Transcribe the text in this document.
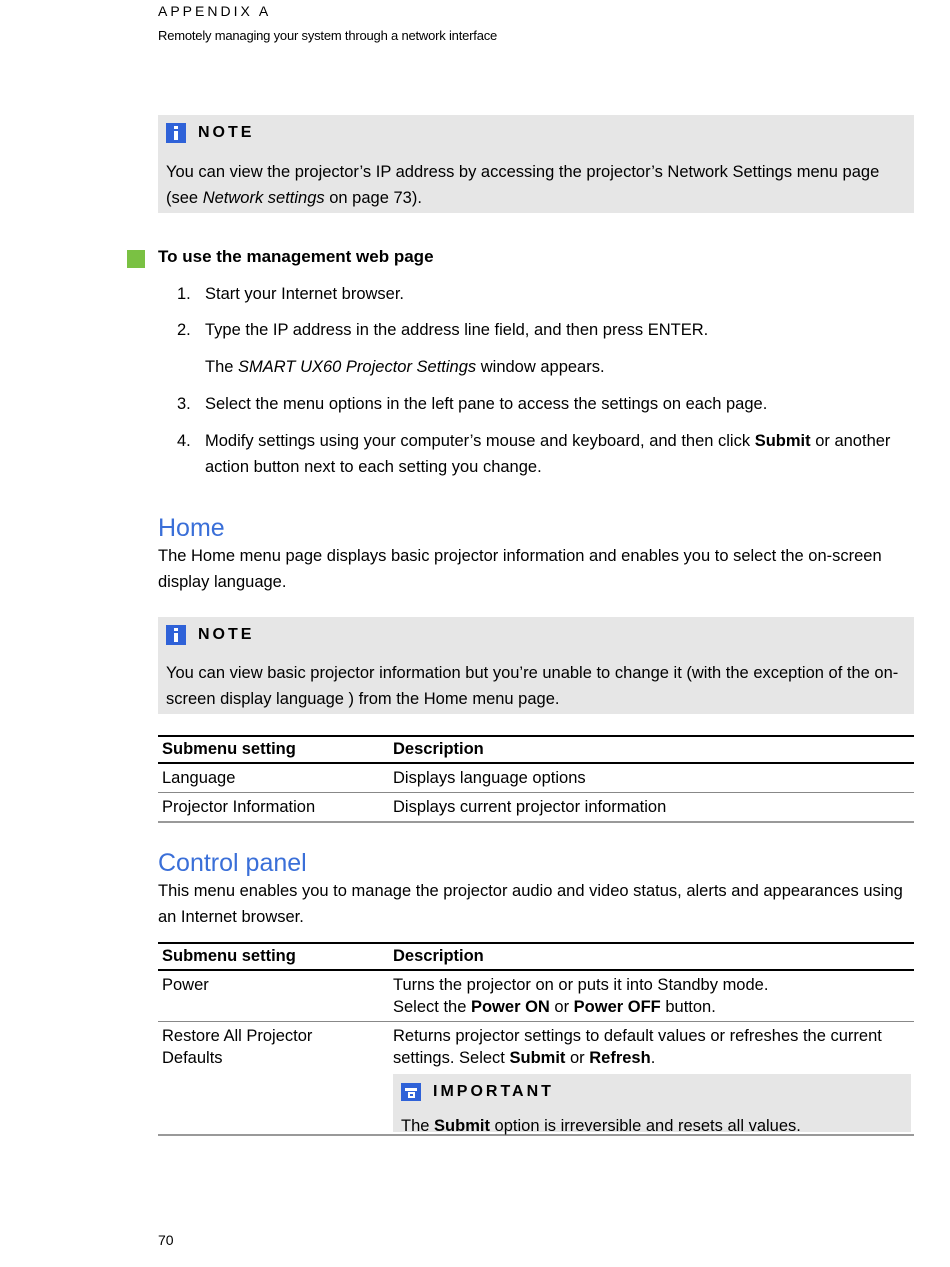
APPENDIX A
Remotely managing your system through a network interface
NOTE
You can view the projector’s IP address by accessing the projector’s Network Settings menu page (see Network settings on page 73).
To use the management web page
1. Start your Internet browser.
2. Type the IP address in the address line field, and then press ENTER.
The SMART UX60 Projector Settings window appears.
3. Select the menu options in the left pane to access the settings on each page.
4. Modify settings using your computer’s mouse and keyboard, and then click Submit or another action button next to each setting you change.
Home
The Home menu page displays basic projector information and enables you to select the on-screen display language.
NOTE
You can view basic projector information but you’re unable to change it (with the exception of the on-screen display language ) from the Home menu page.
Submenu setting	Description
Language	Displays language options
Projector Information	Displays current projector information
Control panel
This menu enables you to manage the projector audio and video status, alerts and appearances using an Internet browser.
Submenu setting	Description
Power	Turns the projector on or puts it into Standby mode.
Select the Power ON or Power OFF button.

Restore All Projector Defaults	Returns projector settings to default values or refreshes the current settings. Select Submit or Refresh.
IMPORTANT
The Submit option is irreversible and resets all values.
70
